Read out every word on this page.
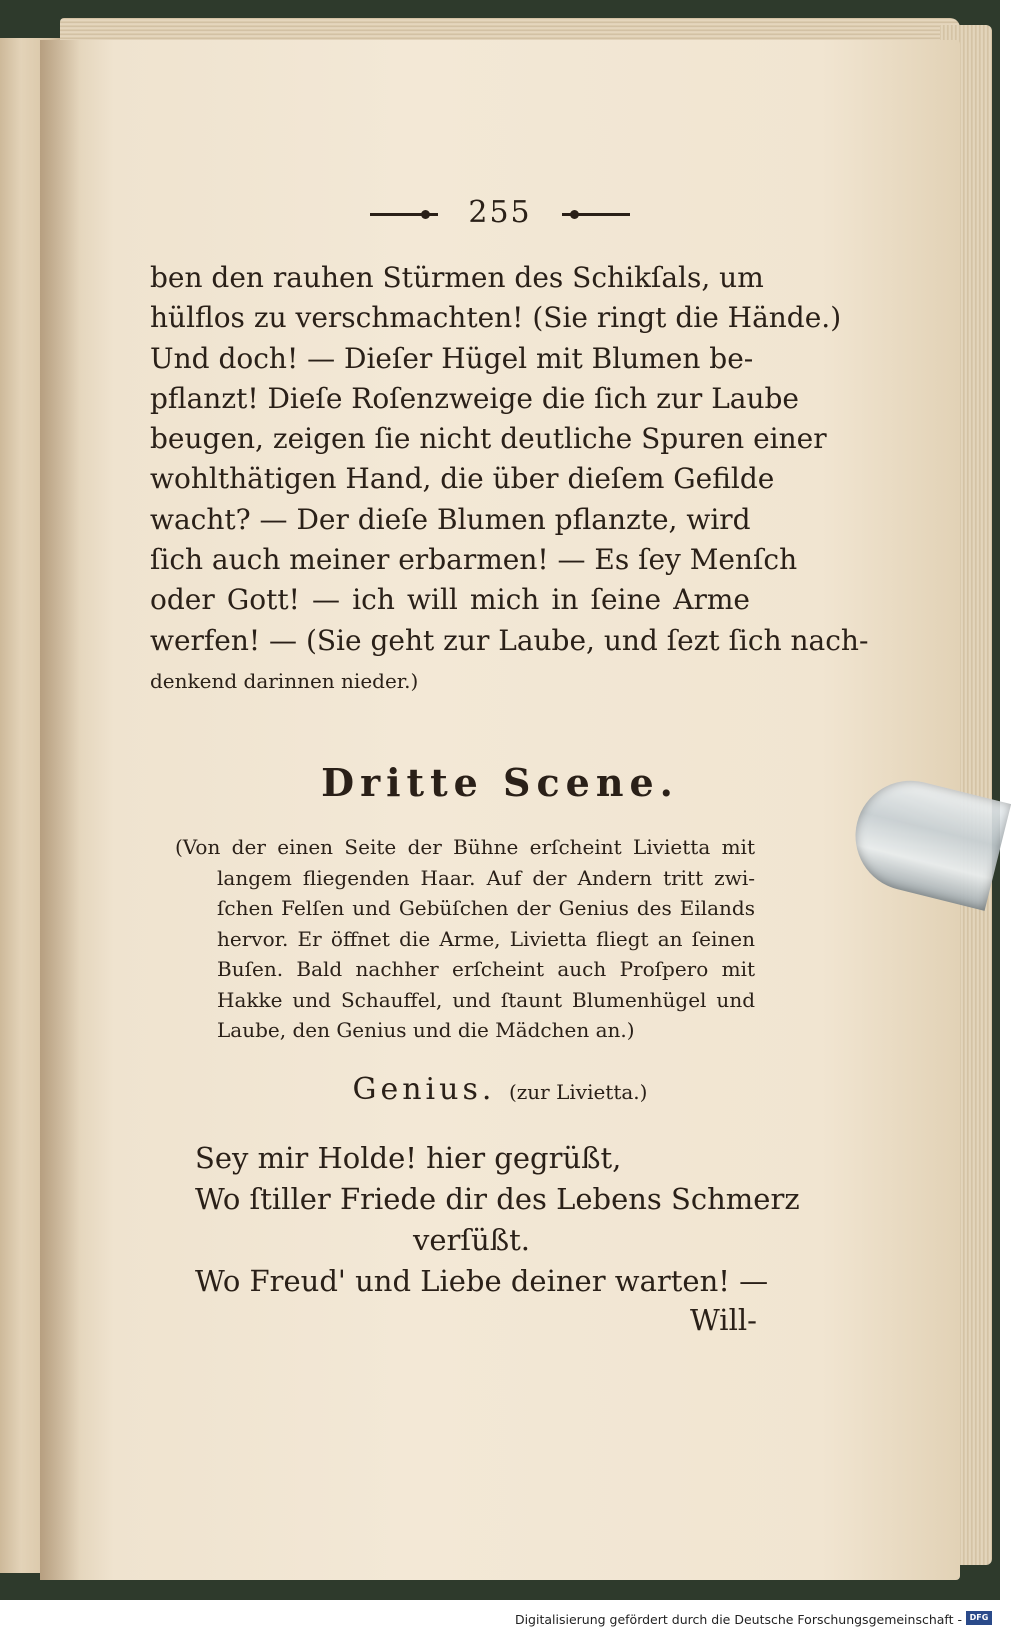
255
ben den rauhen Stürmen des Schikſals, um
hülflos zu verschmachten! (Sie ringt die Hände.)
Und doch! — Dieſer Hügel mit Blumen be-
pflanzt! Dieſe Roſenzweige die ſich zur Laube
beugen, zeigen ſie nicht deutliche Spuren einer
wohlthätigen Hand, die über dieſem Gefilde
wacht? — Der dieſe Blumen pflanzte, wird
ſich auch meiner erbarmen! — Es ſey Menſch
oder Gott! — ich will mich in ſeine Arme
werfen! — (Sie geht zur Laube, und ſezt ſich nach-
denkend darinnen nieder.)
Dritte Scene.
(Von der einen Seite der Bühne erſcheint Livietta mit
langem fliegenden Haar. Auf der Andern tritt zwi-
ſchen Felſen und Gebüſchen der Genius des Eilands
hervor. Er öffnet die Arme, Livietta fliegt an ſeinen
Buſen. Bald nachher erſcheint auch Proſpero mit
Hakke und Schauffel, und ſtaunt Blumenhügel und
Laube, den Genius und die Mädchen an.)
Genius. (zur Livietta.)
Sey mir Holde! hier gegrüßt,
Wo ſtiller Friede dir des Lebens Schmerz
verſüßt.
Wo Freud' und Liebe deiner warten! —
Will-
Digitalisierung gefördert durch die Deutsche Forschungsgemeinschaft - DFG
